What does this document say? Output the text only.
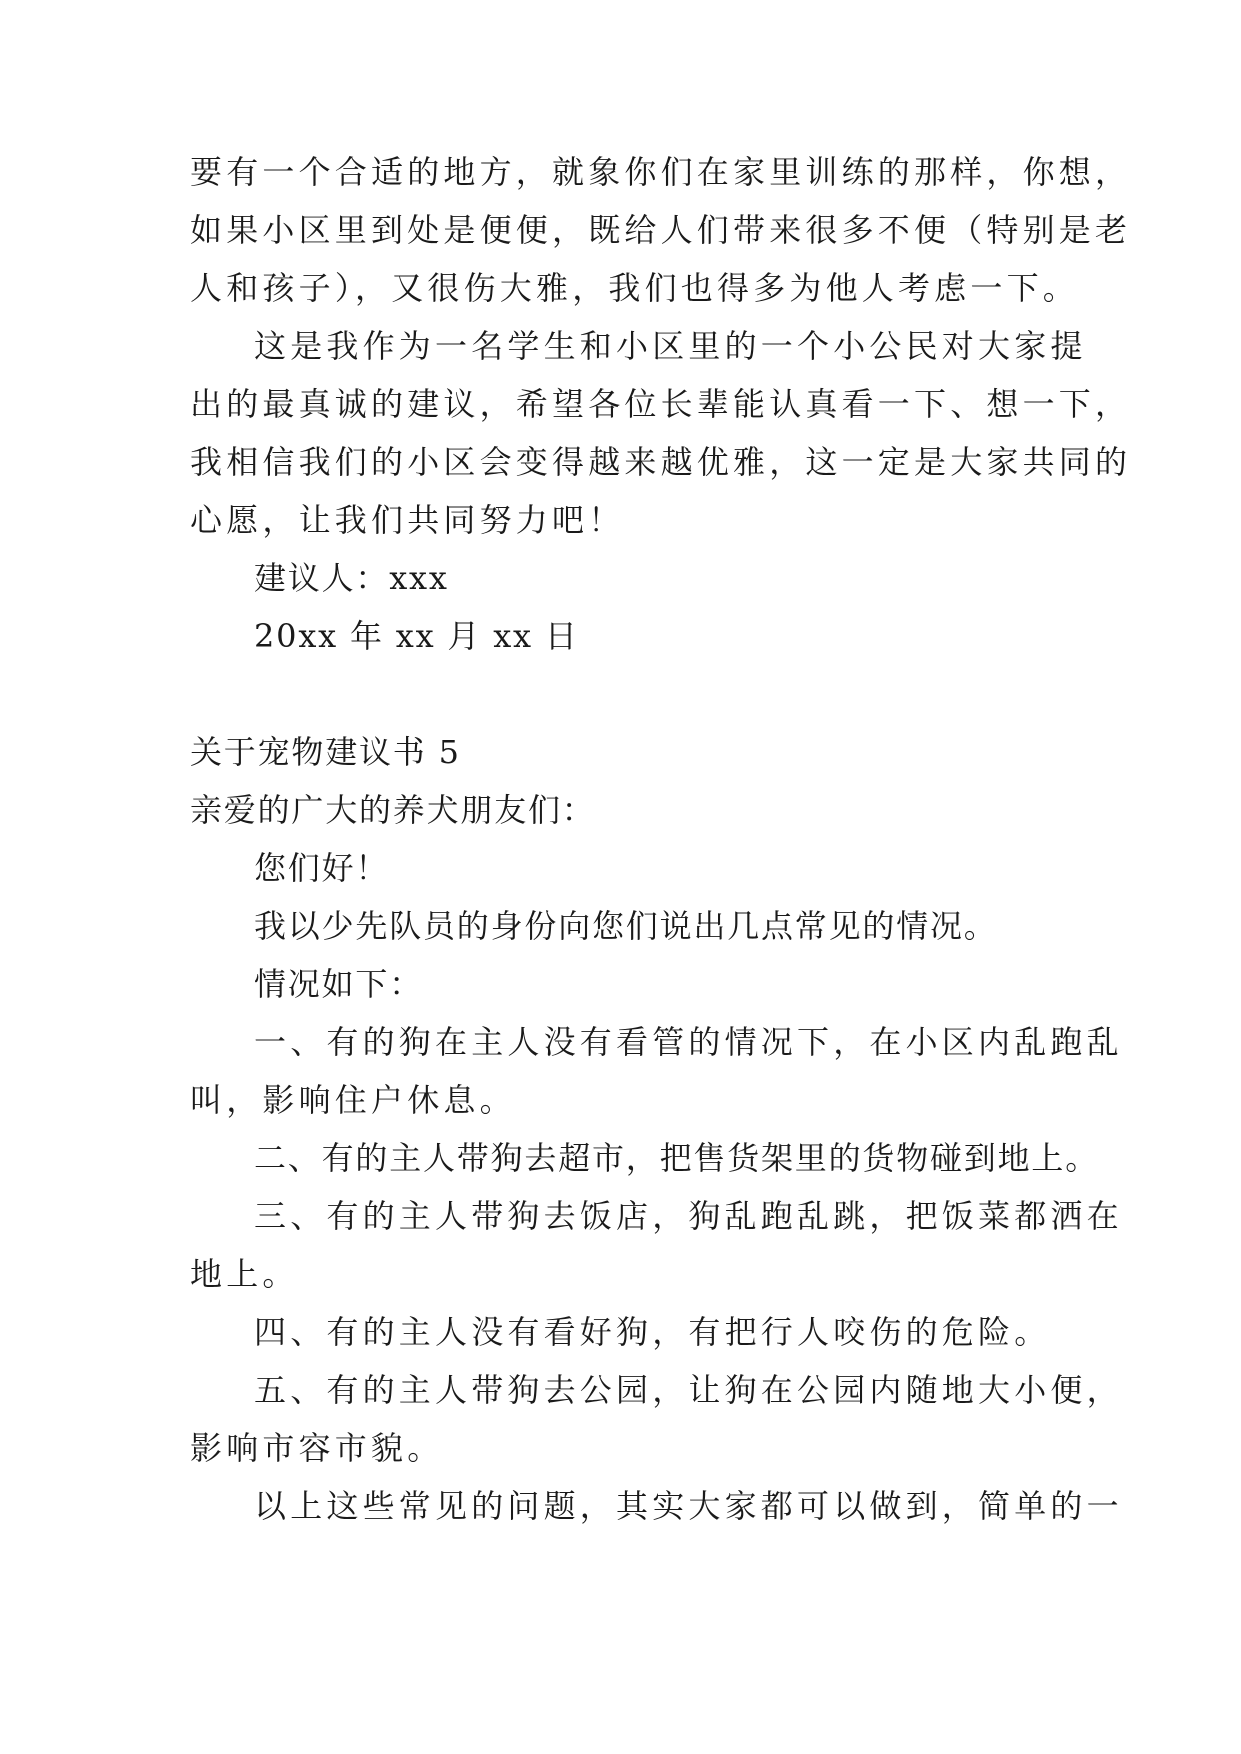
要有一个合适的地方，就象你们在家里训练的那样，你想，
如果小区里到处是便便，既给人们带来很多不便（特别是老
人和孩子），又很伤大雅，我们也得多为他人考虑一下。
这是我作为一名学生和小区里的一个小公民对大家提
出的最真诚的建议，希望各位长辈能认真看一下、想一下，
我相信我们的小区会变得越来越优雅，这一定是大家共同的
心愿，让我们共同努力吧！
建议人：xxx
20xx 年 xx 月 xx 日
关于宠物建议书 5
亲爱的广大的养犬朋友们：
您们好！
我以少先队员的身份向您们说出几点常见的情况。
情况如下：
一、有的狗在主人没有看管的情况下，在小区内乱跑乱
叫，影响住户休息。
二、有的主人带狗去超市，把售货架里的货物碰到地上。
三、有的主人带狗去饭店，狗乱跑乱跳，把饭菜都洒在
地上。
四、有的主人没有看好狗，有把行人咬伤的危险。
五、有的主人带狗去公园，让狗在公园内随地大小便，
影响市容市貌。
以上这些常见的问题，其实大家都可以做到，简单的一
